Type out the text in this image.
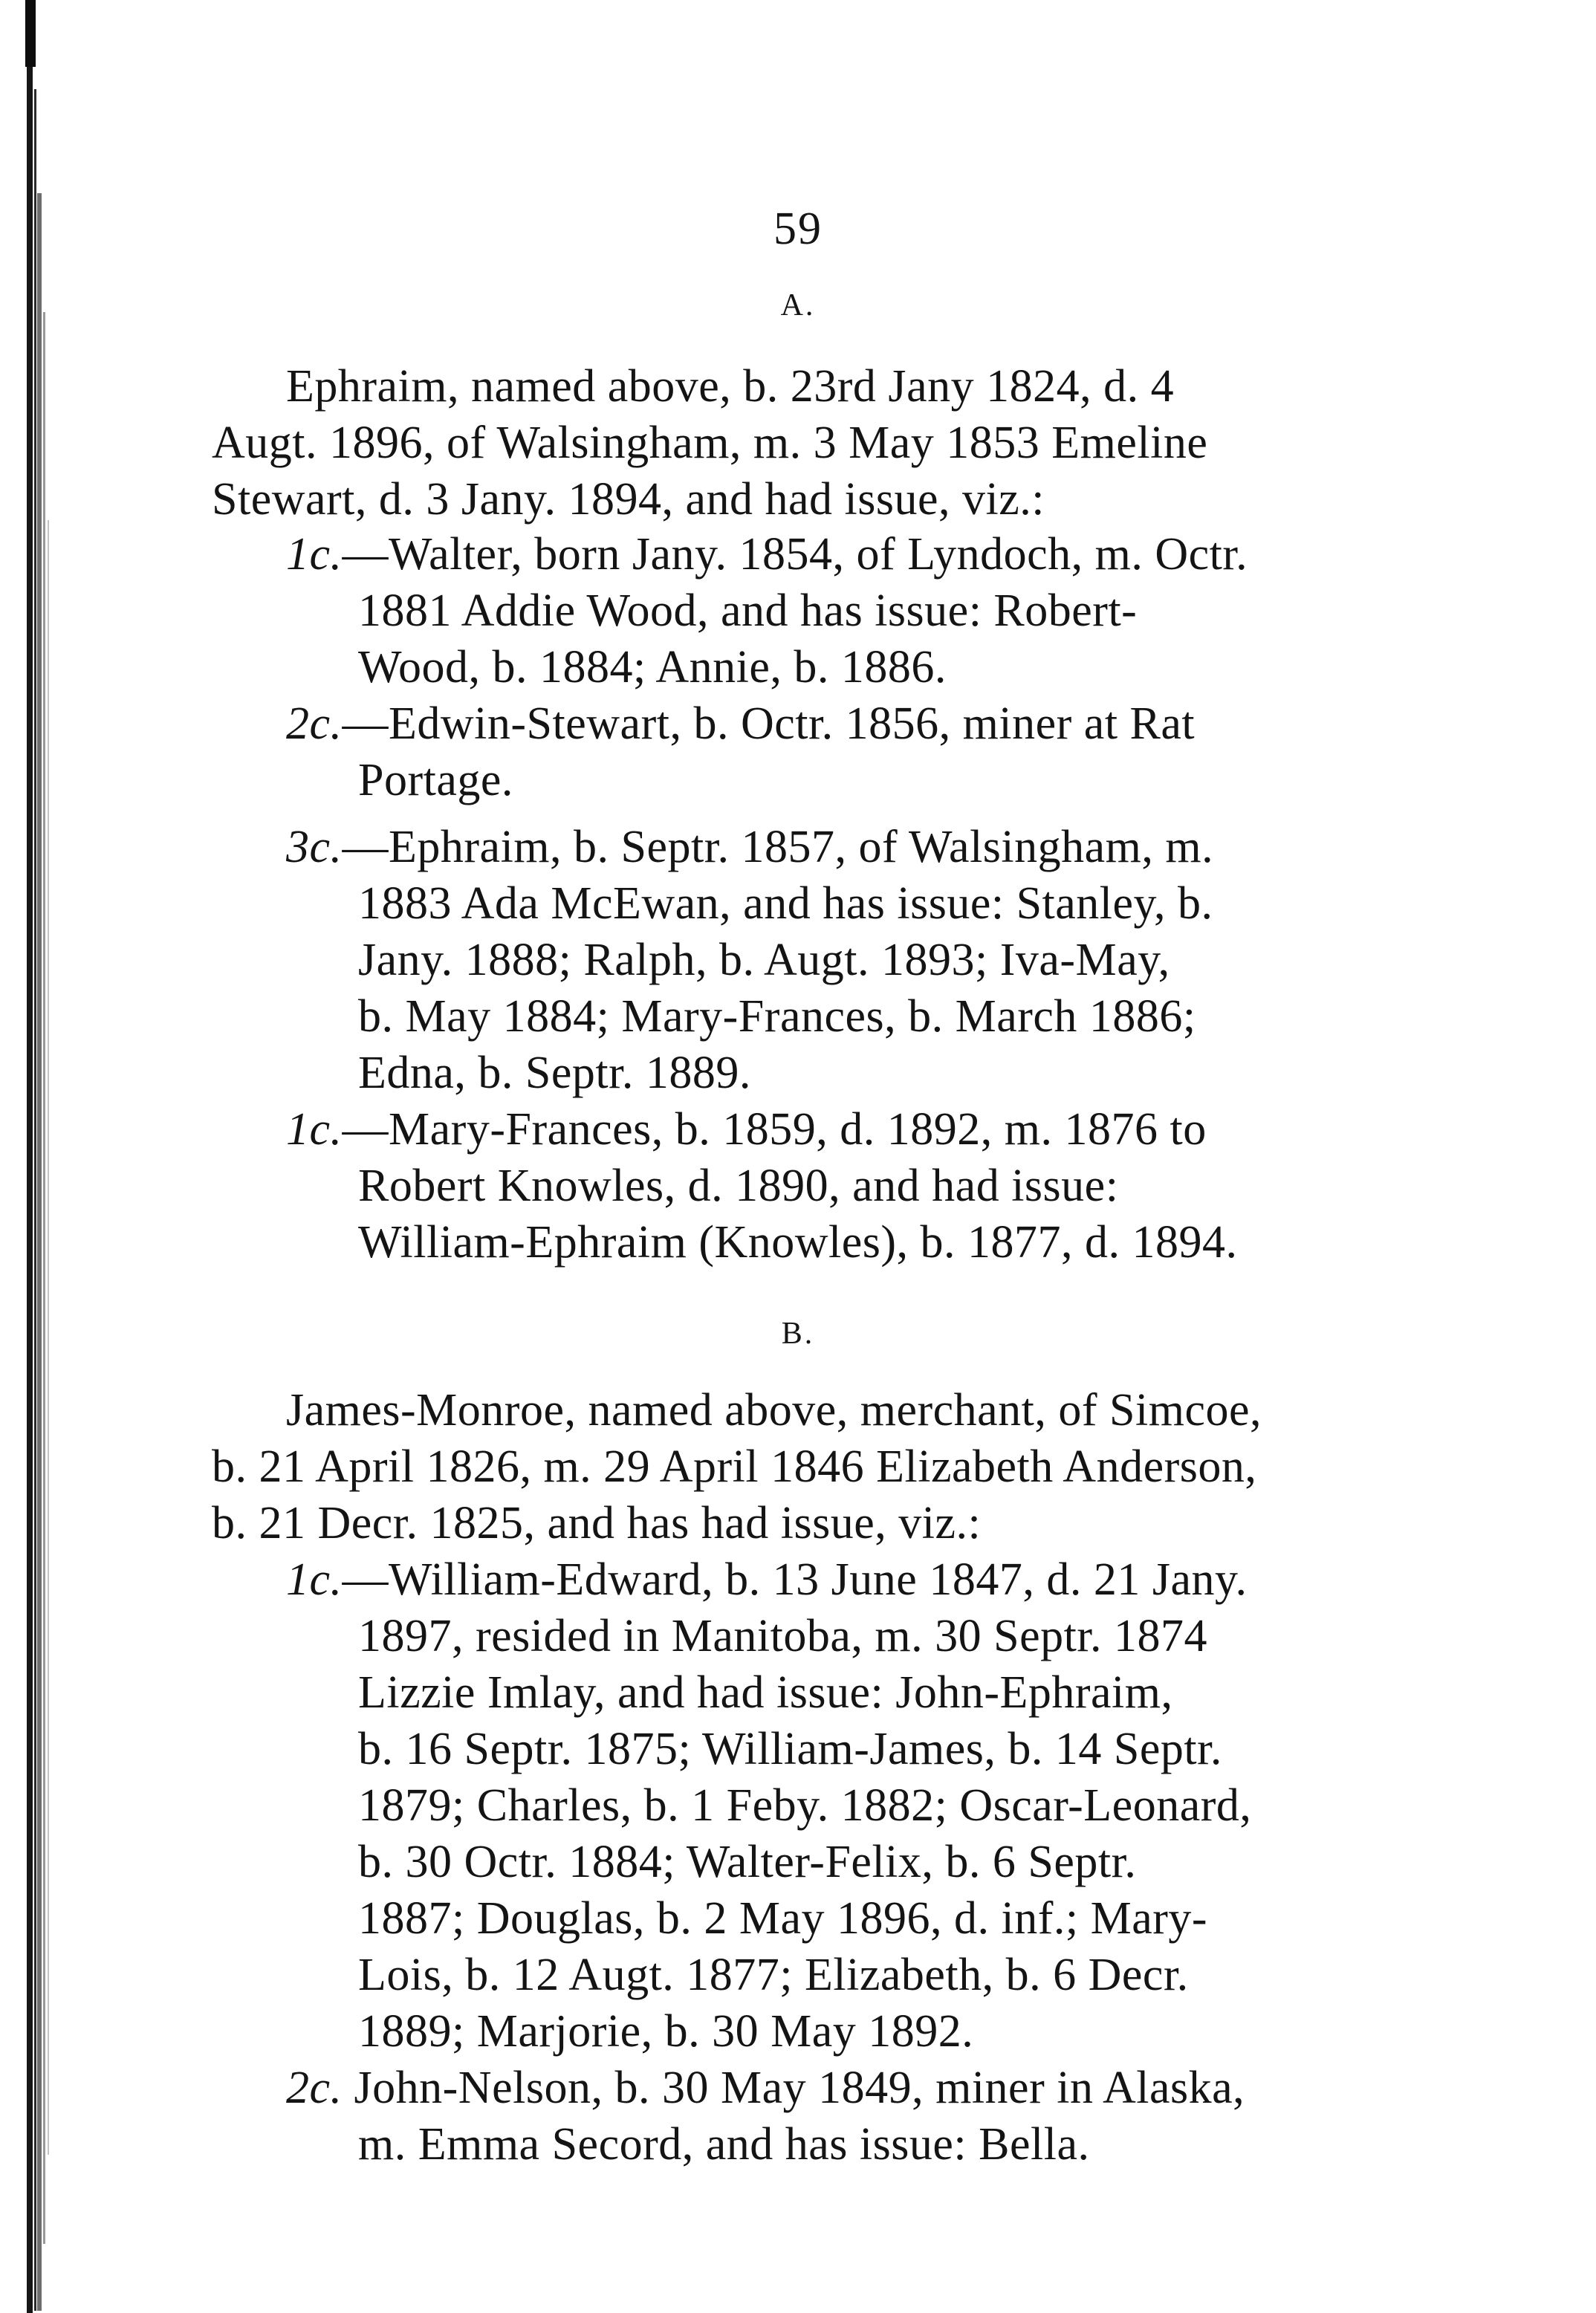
59
A.
Ephraim, named above, b. 23rd Jany 1824, d. 4
Augt. 1896, of Walsingham, m. 3 May 1853 Emeline
Stewart, d. 3 Jany. 1894, and had issue, viz.:
1c.—Walter, born Jany. 1854, of Lyndoch, m. Octr.
1881 Addie Wood, and has issue: Robert-
Wood, b. 1884; Annie, b. 1886.
2c.—Edwin-Stewart, b. Octr. 1856, miner at Rat
Portage.
3c.—Ephraim, b. Septr. 1857, of Walsingham, m.
1883 Ada McEwan, and has issue: Stanley, b.
Jany. 1888; Ralph, b. Augt. 1893; Iva-May,
b. May 1884; Mary-Frances, b. March 1886;
Edna, b. Septr. 1889.
1c.—Mary-Frances, b. 1859, d. 1892, m. 1876 to
Robert Knowles, d. 1890, and had issue:
William-Ephraim (Knowles), b. 1877, d. 1894.
B.
James-Monroe, named above, merchant, of Simcoe,
b. 21 April 1826, m. 29 April 1846 Elizabeth Anderson,
b. 21 Decr. 1825, and has had issue, viz.:
1c.—William-Edward, b. 13 June 1847, d. 21 Jany.
1897, resided in Manitoba, m. 30 Septr. 1874
Lizzie Imlay, and had issue: John-Ephraim,
b. 16 Septr. 1875; William-James, b. 14 Septr.
1879; Charles, b. 1 Feby. 1882; Oscar-Leonard,
b. 30 Octr. 1884; Walter-Felix, b. 6 Septr.
1887; Douglas, b. 2 May 1896, d. inf.; Mary-
Lois, b. 12 Augt. 1877; Elizabeth, b. 6 Decr.
1889; Marjorie, b. 30 May 1892.
2c. John-Nelson, b. 30 May 1849, miner in Alaska,
m. Emma Secord, and has issue: Bella.
